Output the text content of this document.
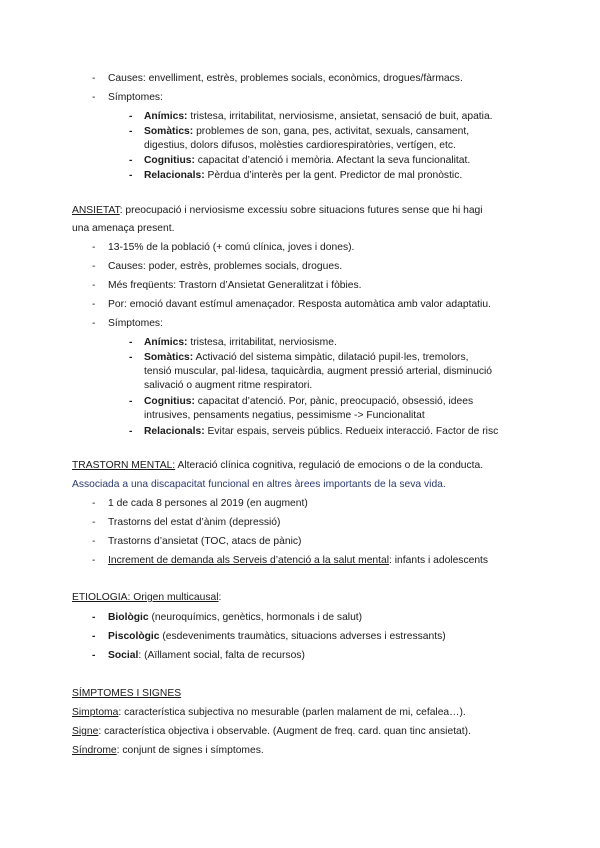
- Causes: envelliment, estrès, problemes socials, econòmics, drogues/fàrmacs.
- Símptomes:
- Anímics: tristesa, irritabilitat, nerviosisme, ansietat, sensació de buit, apatia.
- Somàtics: problemes de son, gana, pes, activitat, sexuals, cansament,
digestius, dolors difusos, molèsties cardiorespiratòries, vertígen, etc.
- Cognitius: capacitat d’atenció i memòria. Afectant la seva funcionalitat.
- Relacionals: Pèrdua d’interès per la gent. Predictor de mal pronòstic.
ANSIETAT: preocupació i nerviosisme excessiu sobre situacions futures sense que hi hagi
una amenaça present.
- 13-15% de la població (+ comú clínica, joves i dones).
- Causes: poder, estrès, problemes socials, drogues.
- Més freqüents: Trastorn d’Ansietat Generalitzat i fòbies.
- Por: emoció davant estímul amenaçador. Resposta automàtica amb valor adaptatiu.
- Símptomes:
- Anímics: tristesa, irritabilitat, nerviosisme.
- Somàtics: Activació del sistema simpàtic, dilatació pupil·les, tremolors,
tensió muscular, pal·lidesa, taquicàrdia, augment pressió arterial, disminució
salivació o augment ritme respiratori.
- Cognitius: capacitat d’atenció. Por, pànic, preocupació, obsessió, idees
intrusives, pensaments negatius, pessimisme -> Funcionalitat
- Relacionals: Evitar espais, serveis públics. Redueix interacció. Factor de risc
TRASTORN MENTAL: Alteració clínica cognitiva, regulació de emocions o de la conducta.
Associada a una discapacitat funcional en altres àrees importants de la seva vida.
- 1 de cada 8 persones al 2019 (en augment)
- Trastorns del estat d’ànim (depressió)
- Trastorns d’ansietat (TOC, atacs de pànic)
- Increment de demanda als Serveis d’atenció a la salut mental: infants i adolescents
ETIOLOGIA: Origen multicausal:
- Biològic (neuroquímics, genètics, hormonals i de salut)
- Piscològic (esdeveniments traumàtics, situacions adverses i estressants)
- Social: (Aïllament social, falta de recursos)
SÍMPTOMES I SIGNES
Simptoma: característica subjectiva no mesurable (parlen malament de mi, cefalea…).
Signe: característica objectiva i observable. (Augment de freq. card. quan tinc ansietat).
Síndrome: conjunt de signes i símptomes.
